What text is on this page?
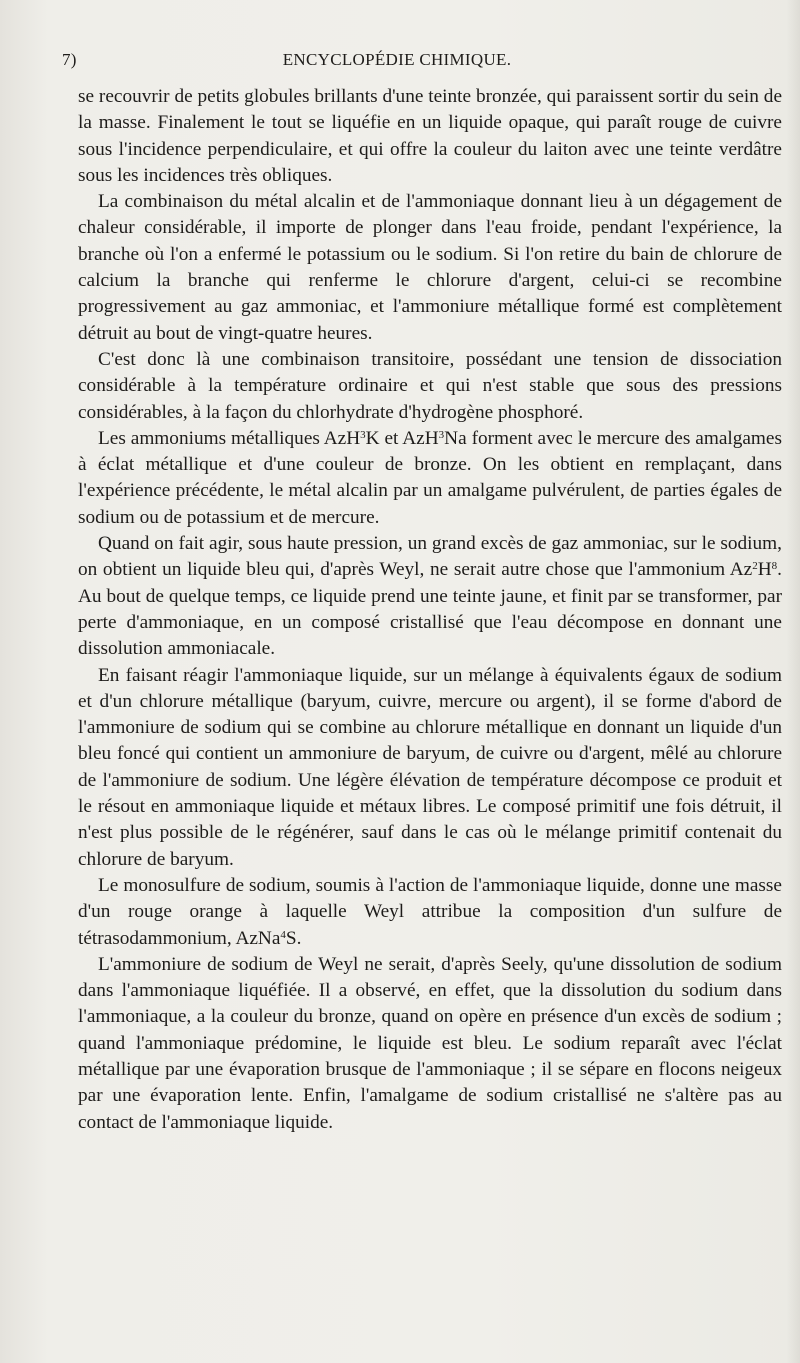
7)	ENCYCLOPÉDIE CHIMIQUE.

se recouvrir de petits globules brillants d'une teinte bronzée, qui paraissent sortir du sein de la masse. Finalement le tout se liquéfie en un liquide opaque, qui paraît rouge de cuivre sous l'incidence perpendiculaire, et qui offre la couleur du laiton avec une teinte verdâtre sous les incidences très obliques.

La combinaison du métal alcalin et de l'ammoniaque donnant lieu à un dégagement de chaleur considérable, il importe de plonger dans l'eau froide, pendant l'expérience, la branche où l'on a enfermé le potassium ou le sodium. Si l'on retire du bain de chlorure de calcium la branche qui renferme le chlorure d'argent, celui-ci se recombine progressivement au gaz ammoniac, et l'ammoniure métallique formé est complètement détruit au bout de vingt-quatre heures.

C'est donc là une combinaison transitoire, possédant une tension de dissociation considérable à la température ordinaire et qui n'est stable que sous des pressions considérables, à la façon du chlorhydrate d'hydrogène phosphoré.

Les ammoniums métalliques AzH$^3$K et AzH$^3$Na forment avec le mercure des amalgames à éclat métallique et d'une couleur de bronze. On les obtient en remplaçant, dans l'expérience précédente, le métal alcalin par un amalgame pulvérulent, de parties égales de sodium ou de potassium et de mercure.

Quand on fait agir, sous haute pression, un grand excès de gaz ammoniac, sur le sodium, on obtient un liquide bleu qui, d'après Weyl, ne serait autre chose que l'ammonium $Az^2H^8$. Au bout de quelque temps, ce liquide prend une teinte jaune, et finit par se transformer, par perte d'ammoniaque, en un composé cristallisé que l'eau décompose en donnant une dissolution ammoniacale.

En faisant réagir l'ammoniaque liquide, sur un mélange à équivalents égaux de sodium et d'un chlorure métallique (baryum, cuivre, mercure ou argent), il se forme d'abord de l'ammoniure de sodium qui se combine au chlorure métallique en donnant un liquide d'un bleu foncé qui contient un ammoniure de baryum, de cuivre ou d'argent, mêlé au chlorure de l'ammoniure de sodium. Une légère élévation de température décompose ce produit et le résout en ammoniaque liquide et métaux libres. Le composé primitif une fois détruit, il n'est plus possible de le régénérer, sauf dans le cas où le mélange primitif contenait du chlorure de baryum.

Le monosulfure de sodium, soumis à l'action de l'ammoniaque liquide, donne une masse d'un rouge orange à laquelle Weyl attribue la composition d'un sulfure de tétrasodammonium, AzNa$^4$S.

L'ammoniure de sodium de Weyl ne serait, d'après Seely, qu'une dissolution de sodium dans l'ammoniaque liquéfiée. Il a observé, en effet, que la dissolution du sodium dans l'ammoniaque, a la couleur du bronze, quand on opère en présence d'un excès de sodium ; quand l'ammoniaque prédomine, le liquide est bleu. Le sodium reparaît avec l'éclat métallique par une évaporation brusque de l'ammoniaque ; il se sépare en flocons neigeux par une évaporation lente. Enfin, l'amalgame de sodium cristallisé ne s'altère pas au contact de l'ammoniaque liquide.
